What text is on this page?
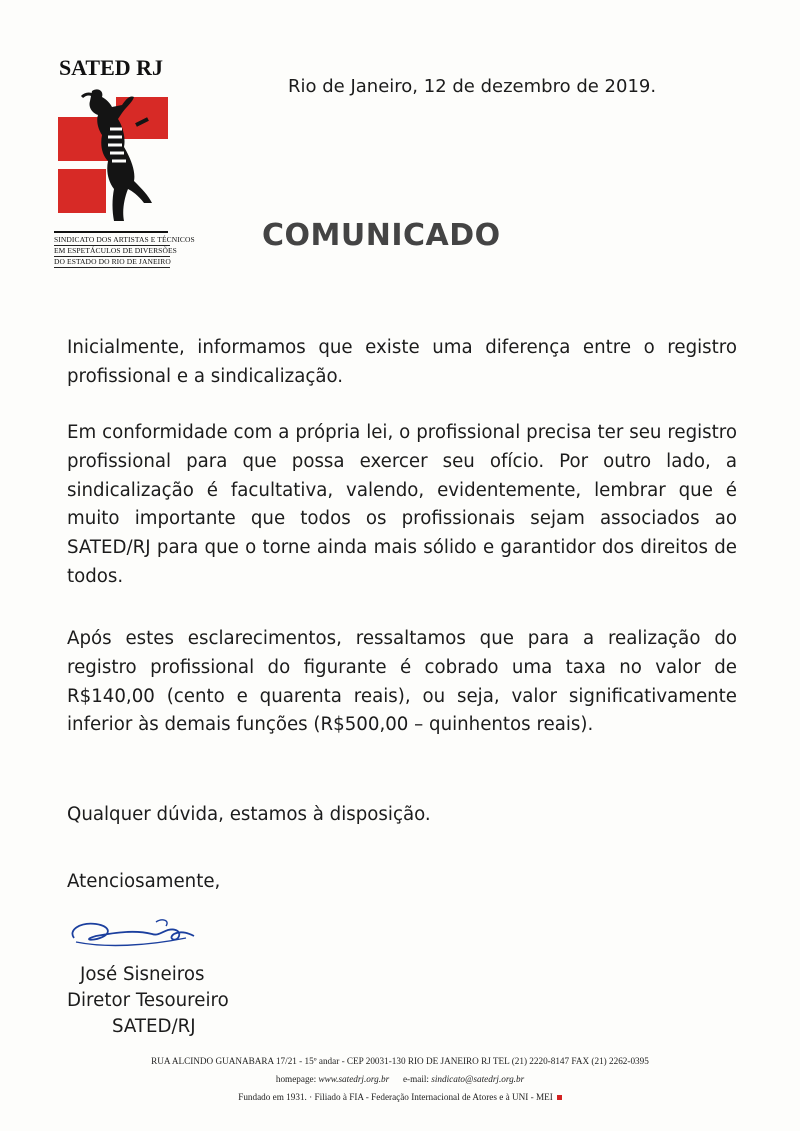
SATED RJ
SINDICATO DOS ARTISTAS E TÉCNICOS
EM ESPETÁCULOS DE DIVERSÕES
DO ESTADO DO RIO DE JANEIRO
Rio de Janeiro, 12 de dezembro de 2019.
COMUNICADO
Inicialmente, informamos que existe uma diferença entre o registro profissional e a sindicalização.
Em conformidade com a própria lei, o profissional precisa ter seu registro profissional para que possa exercer seu ofício. Por outro lado, a sindicalização é facultativa, valendo, evidentemente, lembrar que é muito importante que todos os profissionais sejam associados ao SATED/RJ para que o torne ainda mais sólido e garantidor dos direitos de todos.
Após estes esclarecimentos, ressaltamos que para a realização do registro profissional do figurante é cobrado uma taxa no valor de R$140,00 (cento e quarenta reais), ou seja, valor significativamente inferior às demais funções (R$500,00 – quinhentos reais).
Qualquer dúvida, estamos à disposição.
Atenciosamente,
José Sisneiros
Diretor Tesoureiro
SATED/RJ
RUA ALCINDO GUANABARA 17/21 - 15º andar - CEP 20031-130 RIO DE JANEIRO RJ TEL (21) 2220-8147 FAX (21) 2262-0395
homepage: www.satedrj.org.br e-mail: sindicato@satedrj.org.br
Fundado em 1931. · Filiado à FIA - Federação Internacional de Atores e à UNI - MEI
